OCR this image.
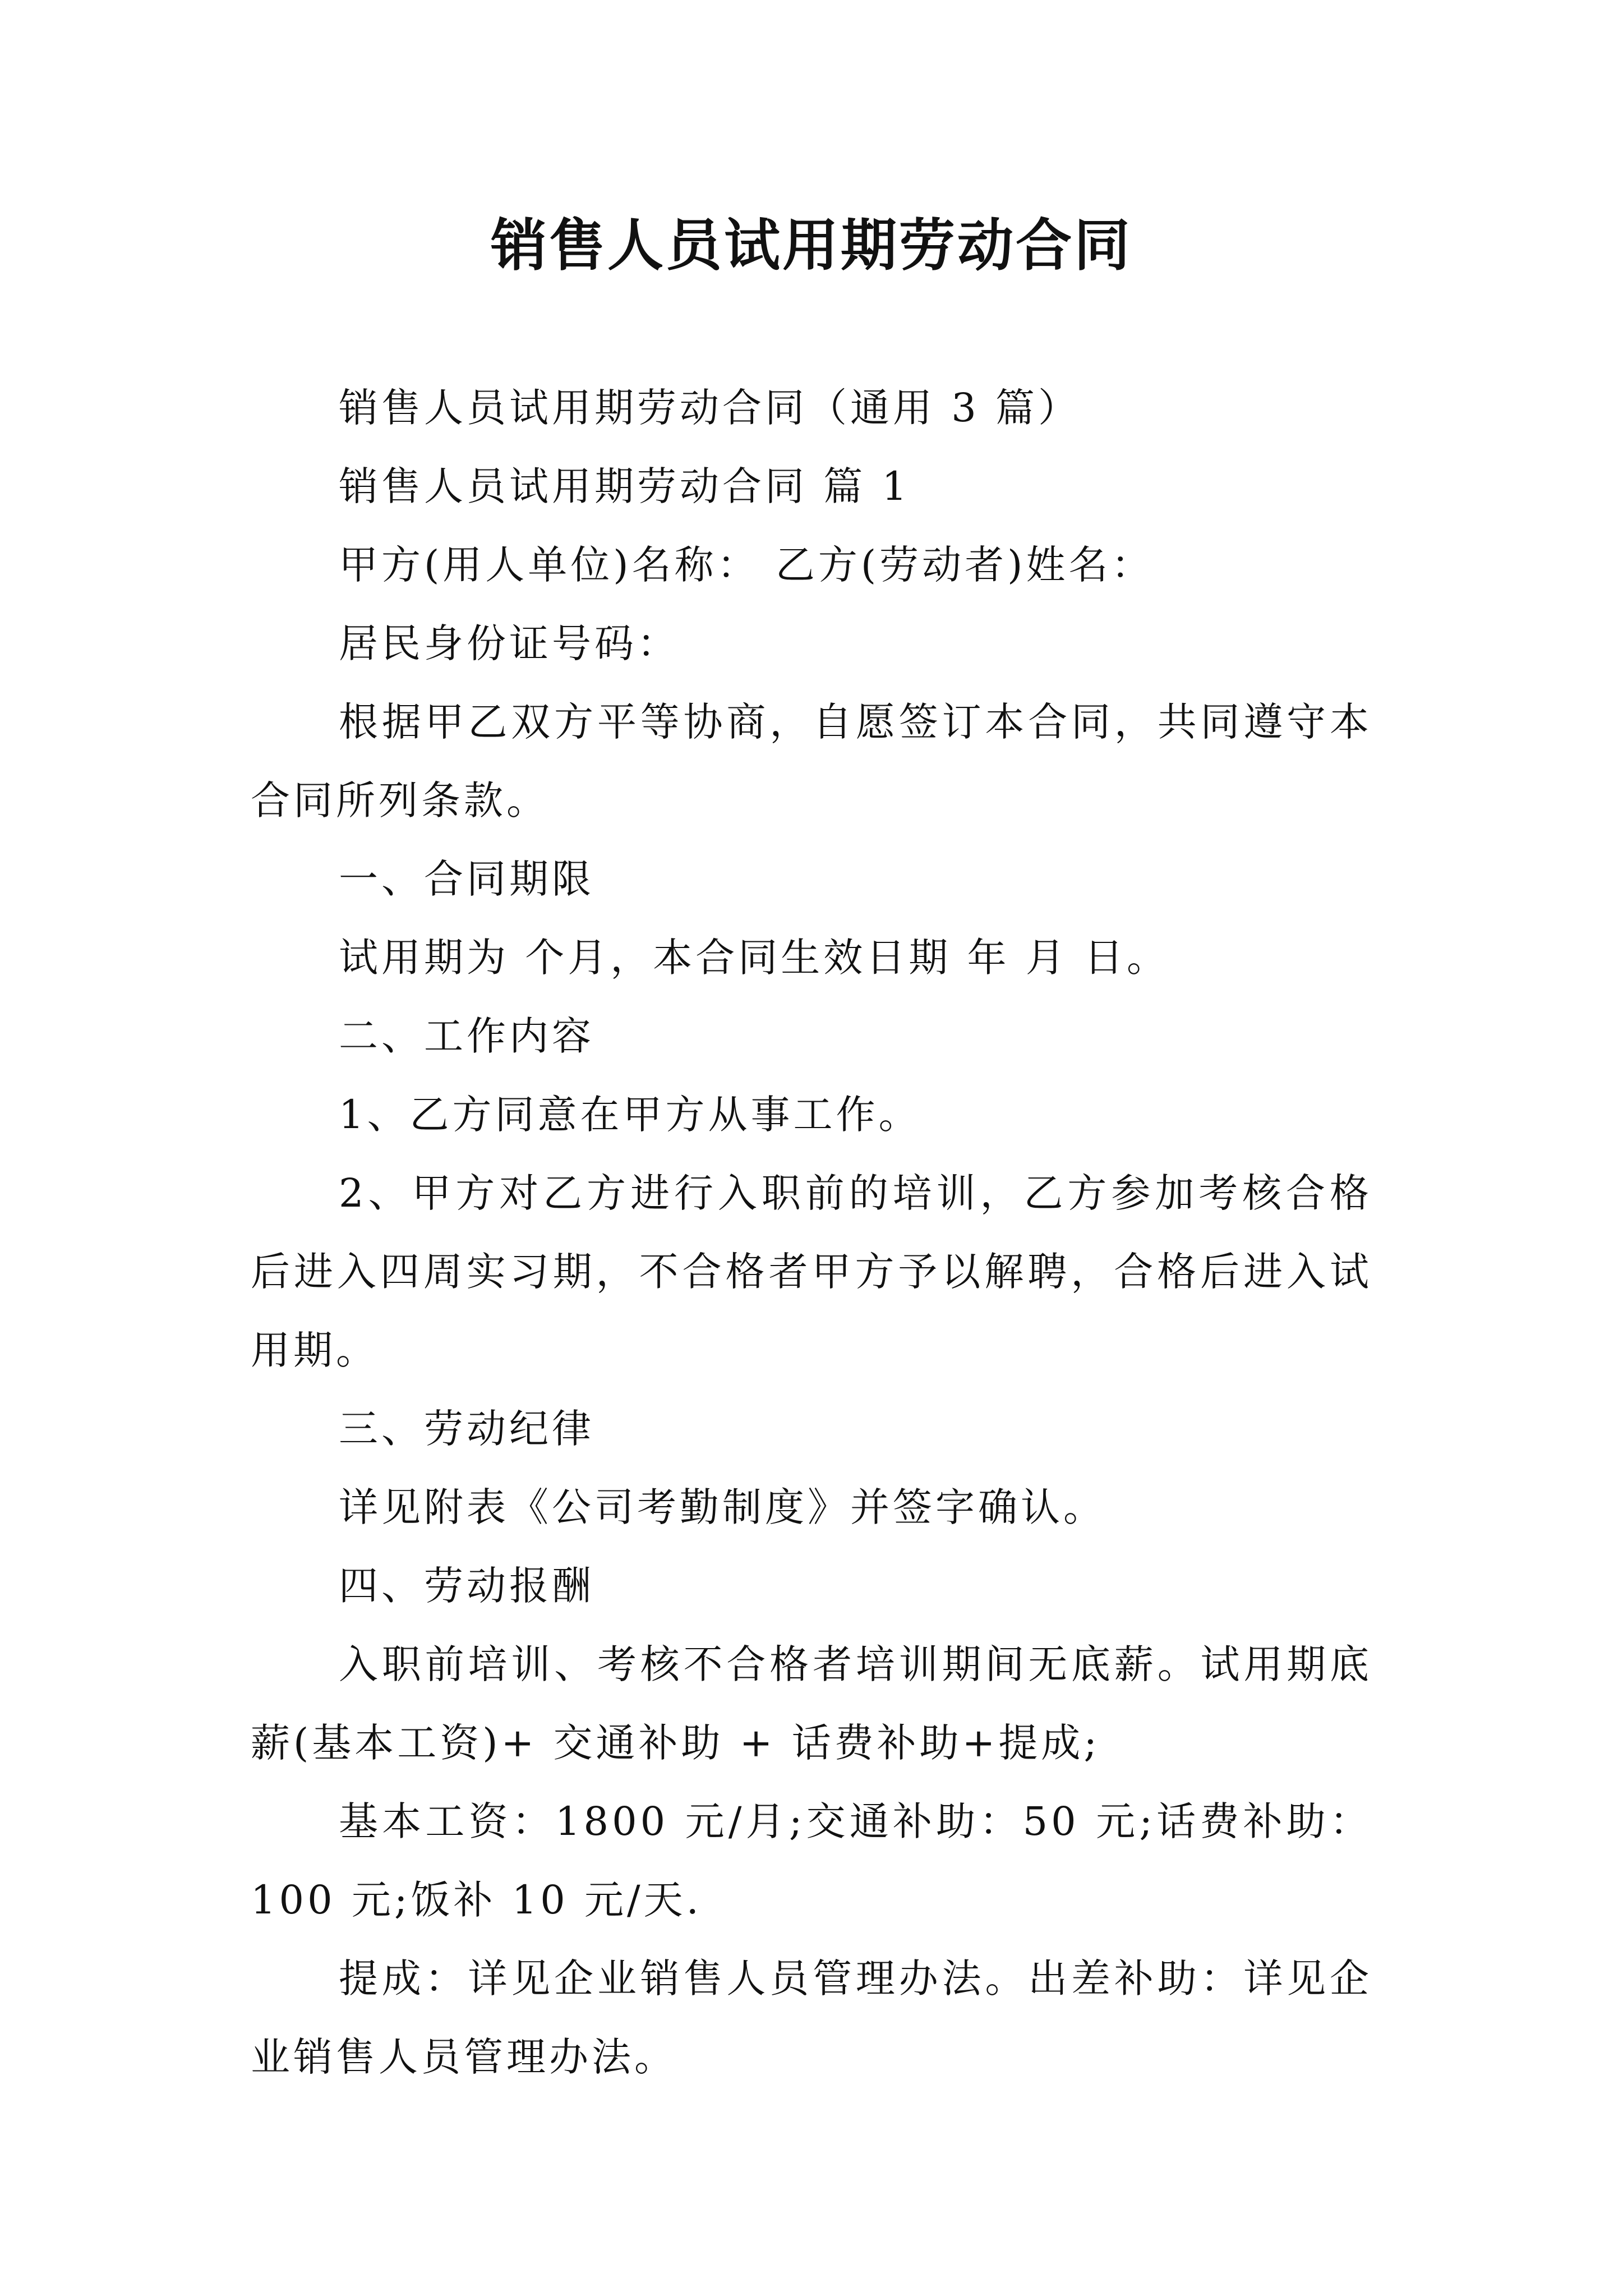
销售人员试用期劳动合同

销售人员试用期劳动合同（通用 3 篇）

销售人员试用期劳动合同 篇 1

甲方(用人单位)名称： 乙方(劳动者)姓名：

居民身份证号码：

根据甲乙双方平等协商，自愿签订本合同，共同遵守本合同所列条款。

一、合同期限

试用期为 个月，本合同生效日期 年 月 日。

二、工作内容

1、乙方同意在甲方从事工作。

2、甲方对乙方进行入职前的培训，乙方参加考核合格后进入四周实习期，不合格者甲方予以解聘，合格后进入试用期。

三、劳动纪律

详见附表《公司考勤制度》并签字确认。

四、劳动报酬

入职前培训、考核不合格者培训期间无底薪。试用期底薪(基本工资)+ 交通补助 + 话费补助+提成;

基本工资：1800 元/月;交通补助：50 元;话费补助：100 元;饭补 10 元/天.

提成：详见企业销售人员管理办法。出差补助：详见企业销售人员管理办法。
